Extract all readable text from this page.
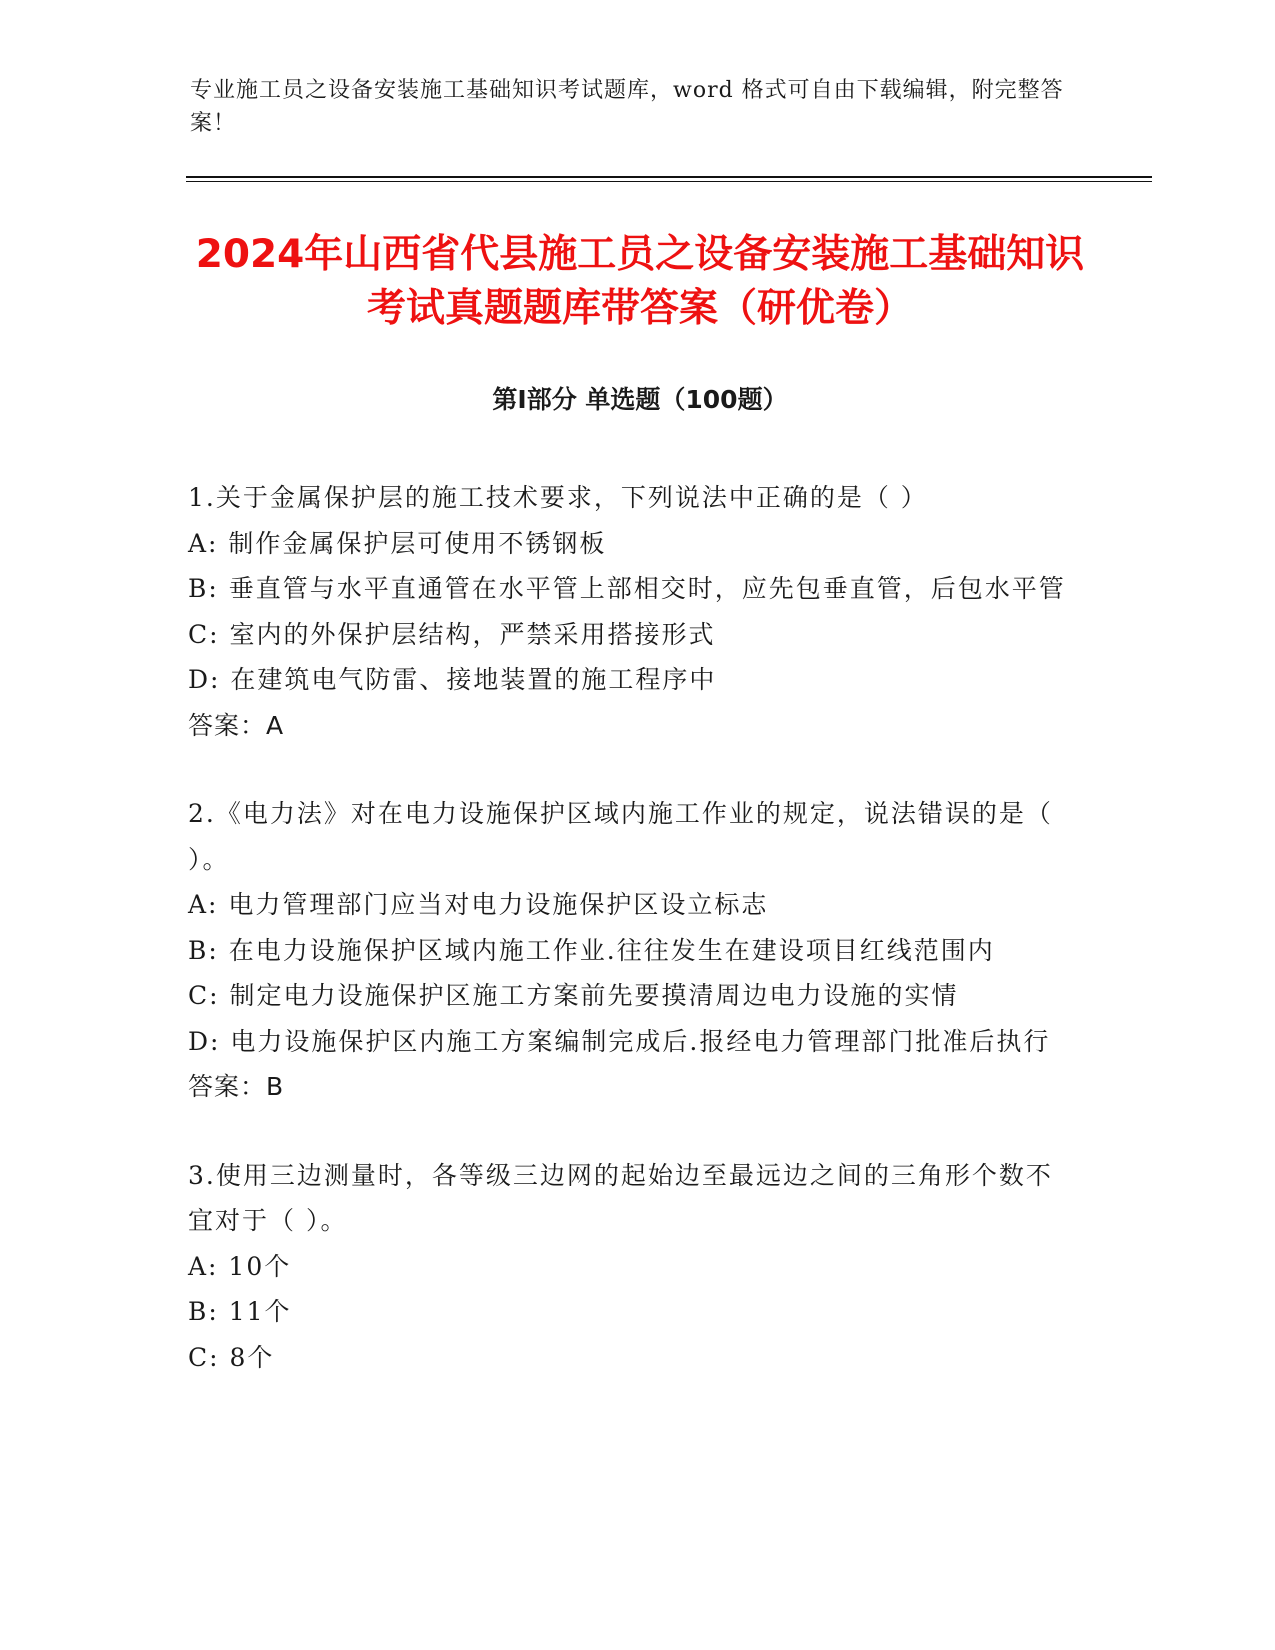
专业施工员之设备安装施工基础知识考试题库，word 格式可自由下载编辑，附完整答案！

2024年山西省代县施工员之设备安装施工基础知识考试真题题库带答案（研优卷）
第I部分 单选题（100题）

1.关于金属保护层的施工技术要求，下列说法中正确的是（ ）

A: 制作金属保护层可使用不锈钢板

B: 垂直管与水平直通管在水平管上部相交时，应先包垂直管，后包水平管

C: 室内的外保护层结构，严禁采用搭接形式

D: 在建筑电气防雷、接地装置的施工程序中

答案：A

2.《电力法》对在电力设施保护区域内施工作业的规定，说法错误的是（ ）。

A: 电力管理部门应当对电力设施保护区设立标志

B: 在电力设施保护区域内施工作业.往往发生在建设项目红线范围内

C: 制定电力设施保护区施工方案前先要摸清周边电力设施的实情

D: 电力设施保护区内施工方案编制完成后.报经电力管理部门批准后执行

答案：B

3.使用三边测量时，各等级三边网的起始边至最远边之间的三角形个数不宜对于（ ）。

A: 10个

B: 11个

C: 8个
